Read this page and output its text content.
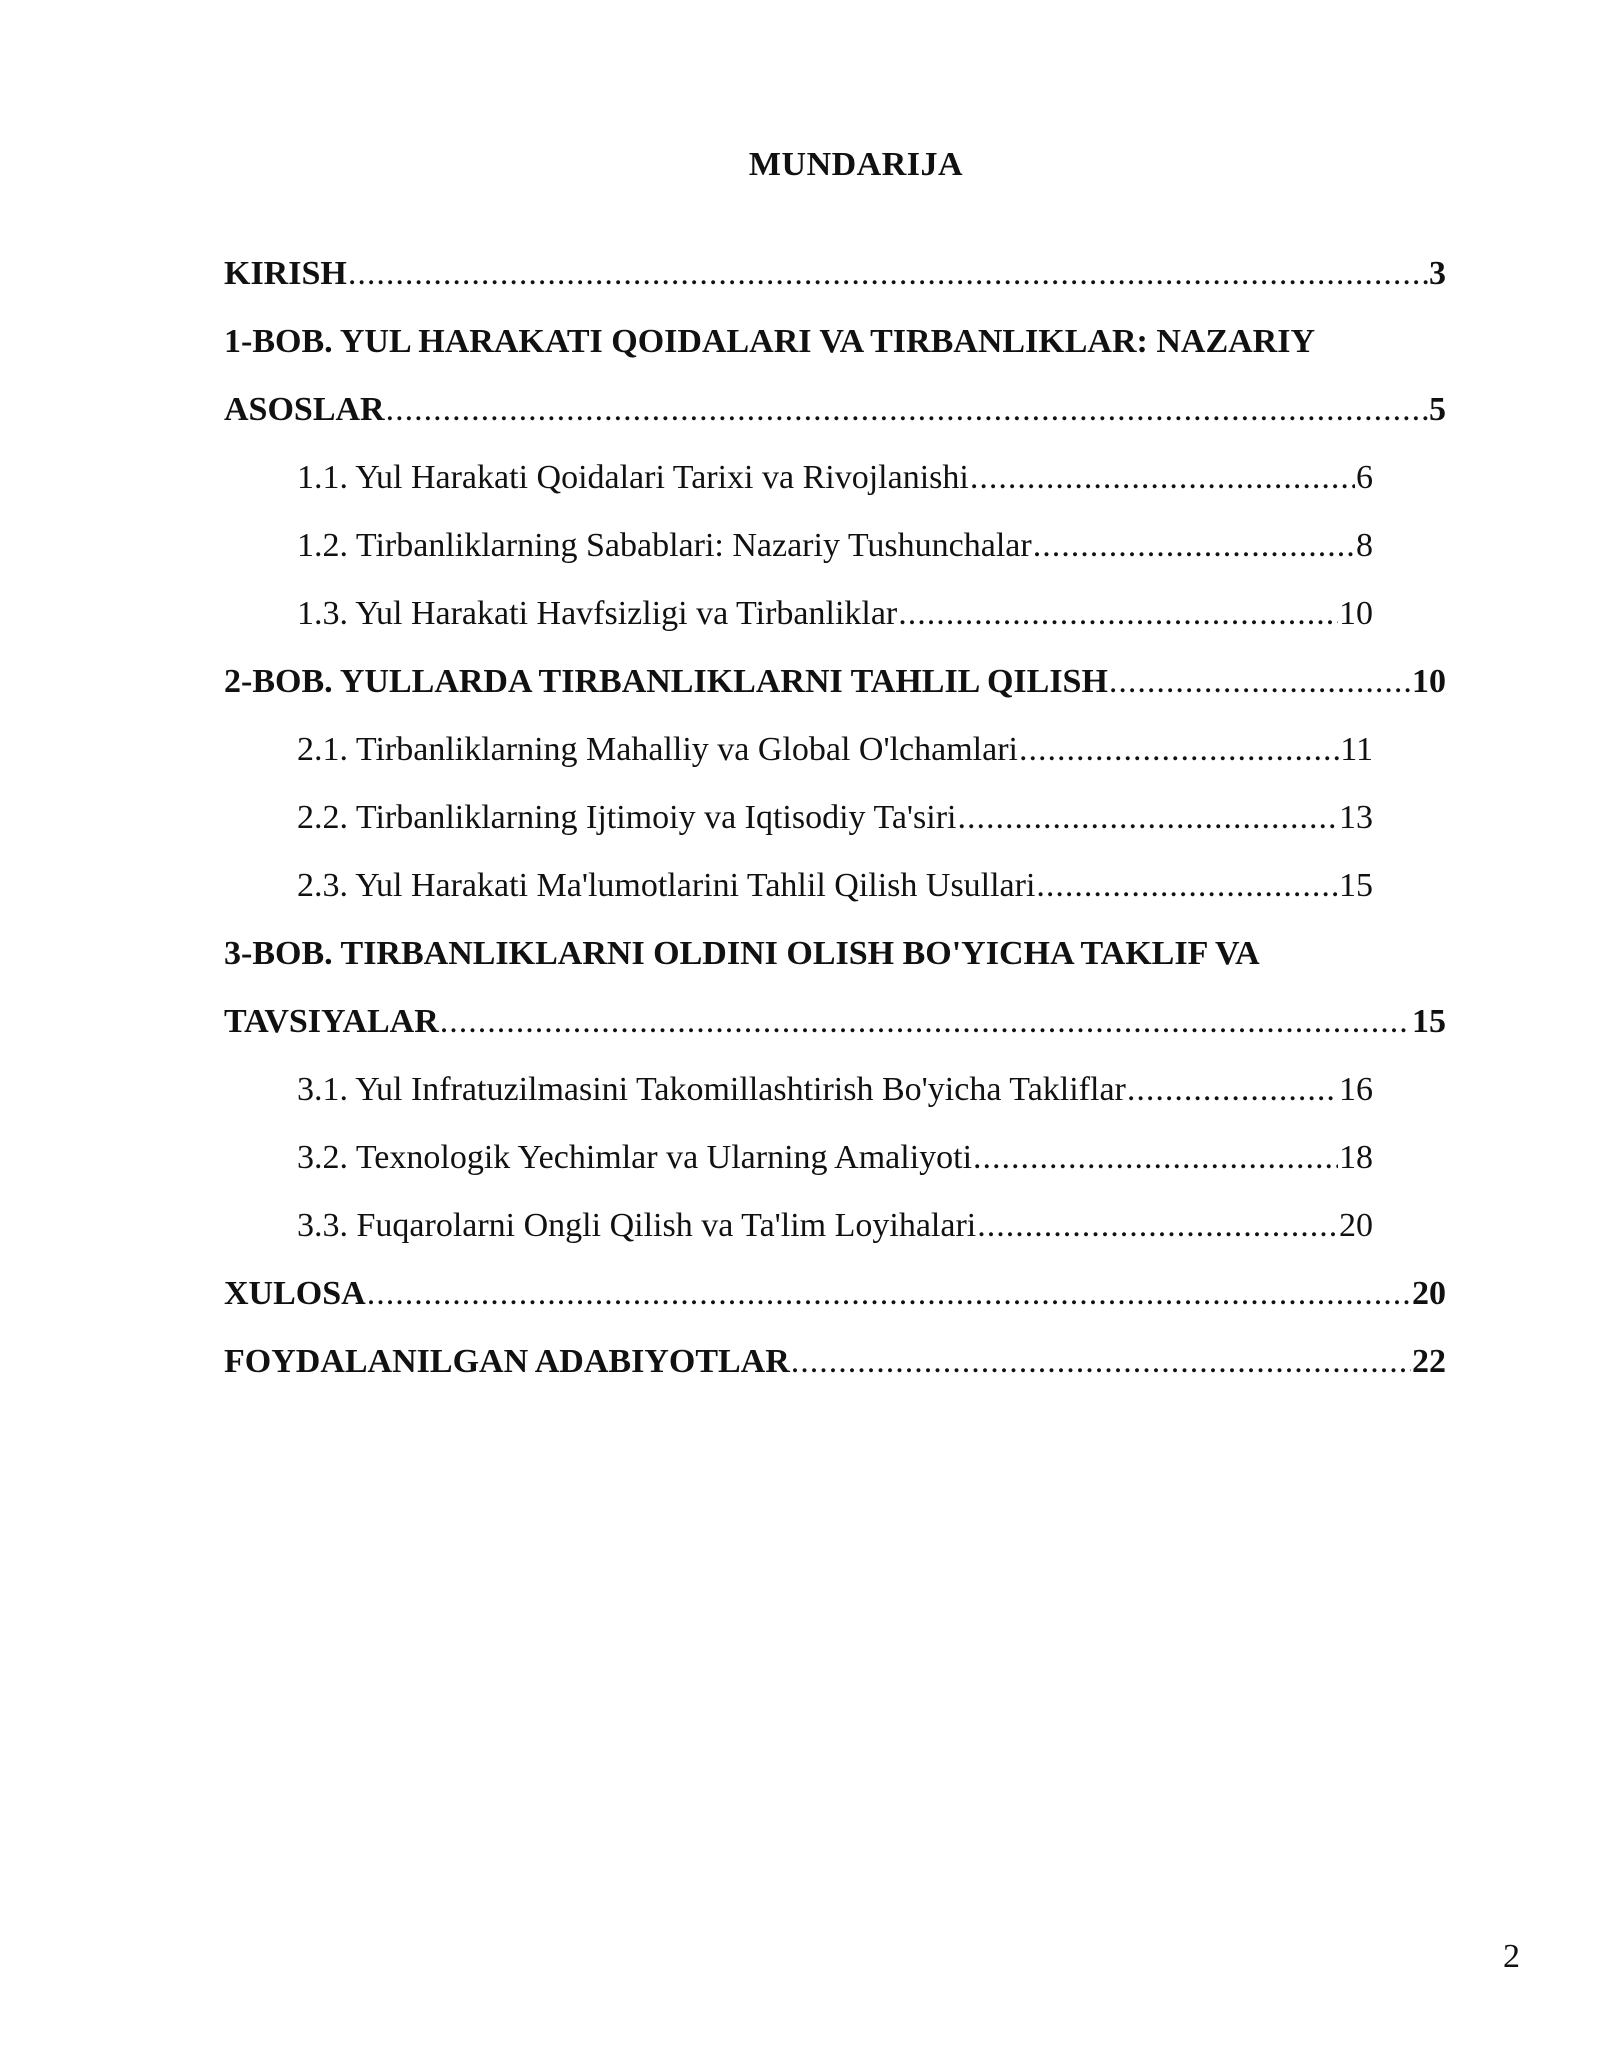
MUNDARIJA
KIRISH .....	3
1-BOB. YUL HARAKATI QOIDALARI VA TIRBANLIKLAR: NAZARIY
ASOSLAR .....	5
1.1. Yul Harakati Qoidalari Tarixi va Rivojlanishi .....	6
1.2. Tirbanliklarning Sabablari: Nazariy Tushunchalar .....	8
1.3. Yul Harakati Havfsizligi va Tirbanliklar .....	10
2-BOB. YULLARDA TIRBANLIKLARNI TAHLIL QILISH .....	10
2.1. Tirbanliklarning Mahalliy va Global O'lchamlari .....	11
2.2. Tirbanliklarning Ijtimoiy va Iqtisodiy Ta'siri .....	13
2.3. Yul Harakati Ma'lumotlarini Tahlil Qilish Usullari .....	15
3-BOB. TIRBANLIKLARNI OLDINI OLISH BO'YICHA TAKLIF VA
TAVSIYALAR .....	15
3.1. Yul Infratuzilmasini Takomillashtirish Bo'yicha Takliflar .....	16
3.2. Texnologik Yechimlar va Ularning Amaliyoti .....	18
3.3. Fuqarolarni Ongli Qilish va Ta'lim Loyihalari .....	20
XULOSA .....	20
FOYDALANILGAN ADABIYOTLAR .....	22
2
